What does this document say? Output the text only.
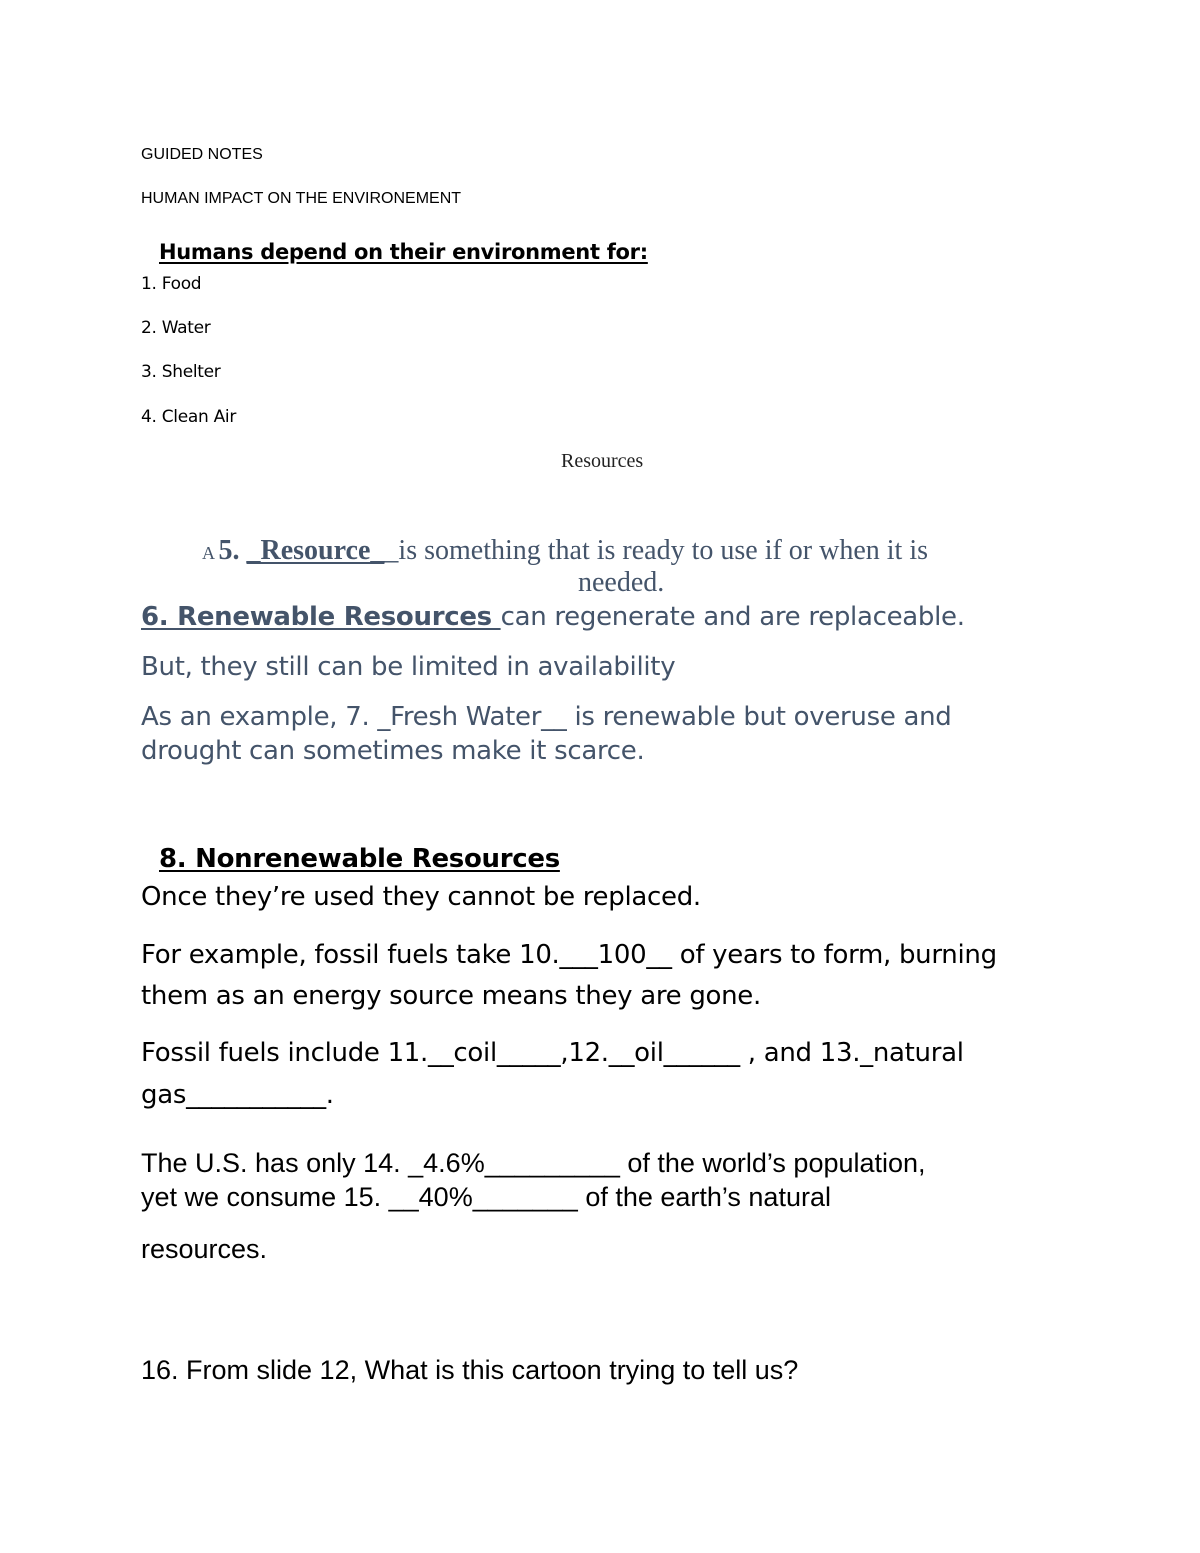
GUIDED NOTES
HUMAN IMPACT ON THE ENVIRONEMENT
Humans depend on their environment for:
1. Food
2. Water
3. Shelter
4. Clean Air
Resources
A 5. _Resource__is something that is ready to use if or when it is
needed.
6. Renewable Resources can regenerate and are replaceable.
But, they still can be limited in availability
As an example, 7. _Fresh Water__ is renewable but overuse and
drought can sometimes make it scarce.
8. Nonrenewable Resources
Once they’re used they cannot be replaced.
For example, fossil fuels take 10.___100__ of years to form, burning
them as an energy source means they are gone.
Fossil fuels include 11.__coil_____,12.__oil______ , and 13._natural
gas___________.
The U.S. has only 14. _4.6%_________ of the world’s population,
yet we consume 15. __40%_______ of the earth’s natural
resources.
16. From slide 12, What is this cartoon trying to tell us?
